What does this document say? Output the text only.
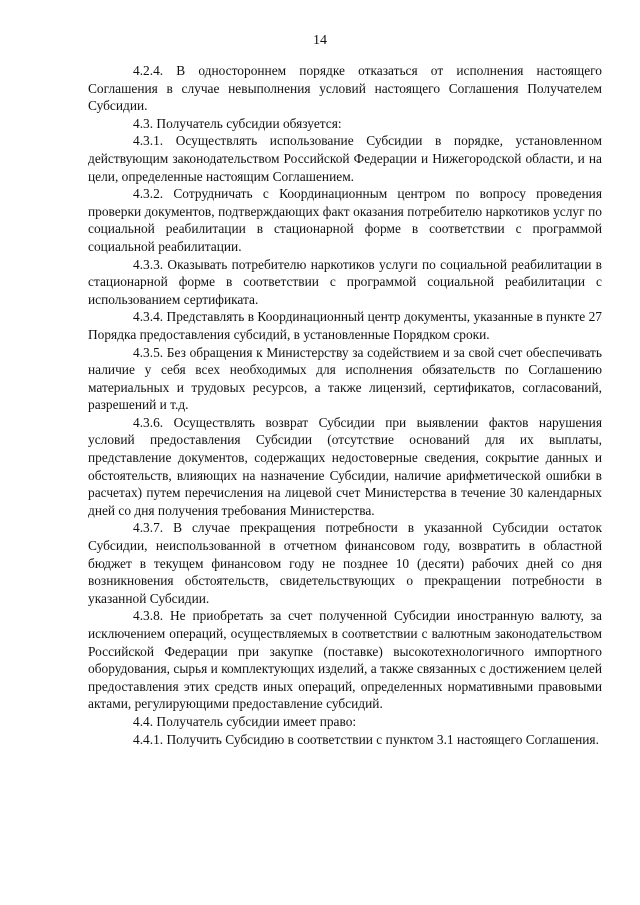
14

4.2.4. В одностороннем порядке отказаться от исполнения настоящего Соглашения в случае невыполнения условий настоящего Соглашения Получателем Субсидии.

4.3. Получатель субсидии обязуется:

4.3.1. Осуществлять использование Субсидии в порядке, установленном действующим законодательством Российской Федерации и Нижегородской области, и на цели, определенные настоящим Соглашением.

4.3.2. Сотрудничать с Координационным центром по вопросу проведения проверки документов, подтверждающих факт оказания потребителю наркотиков услуг по социальной реабилитации в стационарной форме в соответствии с программой социальной реабилитации.

4.3.3. Оказывать потребителю наркотиков услуги по социальной реабилитации в стационарной форме в соответствии с программой социальной реабилитации с использованием сертификата.

4.3.4. Представлять в Координационный центр документы, указанные в пункте 27 Порядка предоставления субсидий, в установленные Порядком сроки.

4.3.5. Без обращения к Министерству за содействием и за свой счет обеспечивать наличие у себя всех необходимых для исполнения обязательств по Соглашению материальных и трудовых ресурсов, а также лицензий, сертификатов, согласований, разрешений и т.д.

4.3.6. Осуществлять возврат Субсидии при выявлении фактов нарушения условий предоставления Субсидии (отсутствие оснований для их выплаты, представление документов, содержащих недостоверные сведения, сокрытие данных и обстоятельств, влияющих на назначение Субсидии, наличие арифметической ошибки в расчетах) путем перечисления на лицевой счет Министерства в течение 30 календарных дней со дня получения требования Министерства.

4.3.7. В случае прекращения потребности в указанной Субсидии остаток Субсидии, неиспользованной в отчетном финансовом году, возвратить в областной бюджет в текущем финансовом году не позднее 10 (десяти) рабочих дней со дня возникновения обстоятельств, свидетельствующих о прекращении потребности в указанной Субсидии.

4.3.8. Не приобретать за счет полученной Субсидии иностранную валюту, за исключением операций, осуществляемых в соответствии с валютным законодательством Российской Федерации при закупке (поставке) высокотехнологичного импортного оборудования, сырья и комплектующих изделий, а также связанных с достижением целей предоставления этих средств иных операций, определенных нормативными правовыми актами, регулирующими предоставление субсидий.

4.4. Получатель субсидии имеет право:

4.4.1. Получить Субсидию в соответствии с пунктом 3.1 настоящего Соглашения.
